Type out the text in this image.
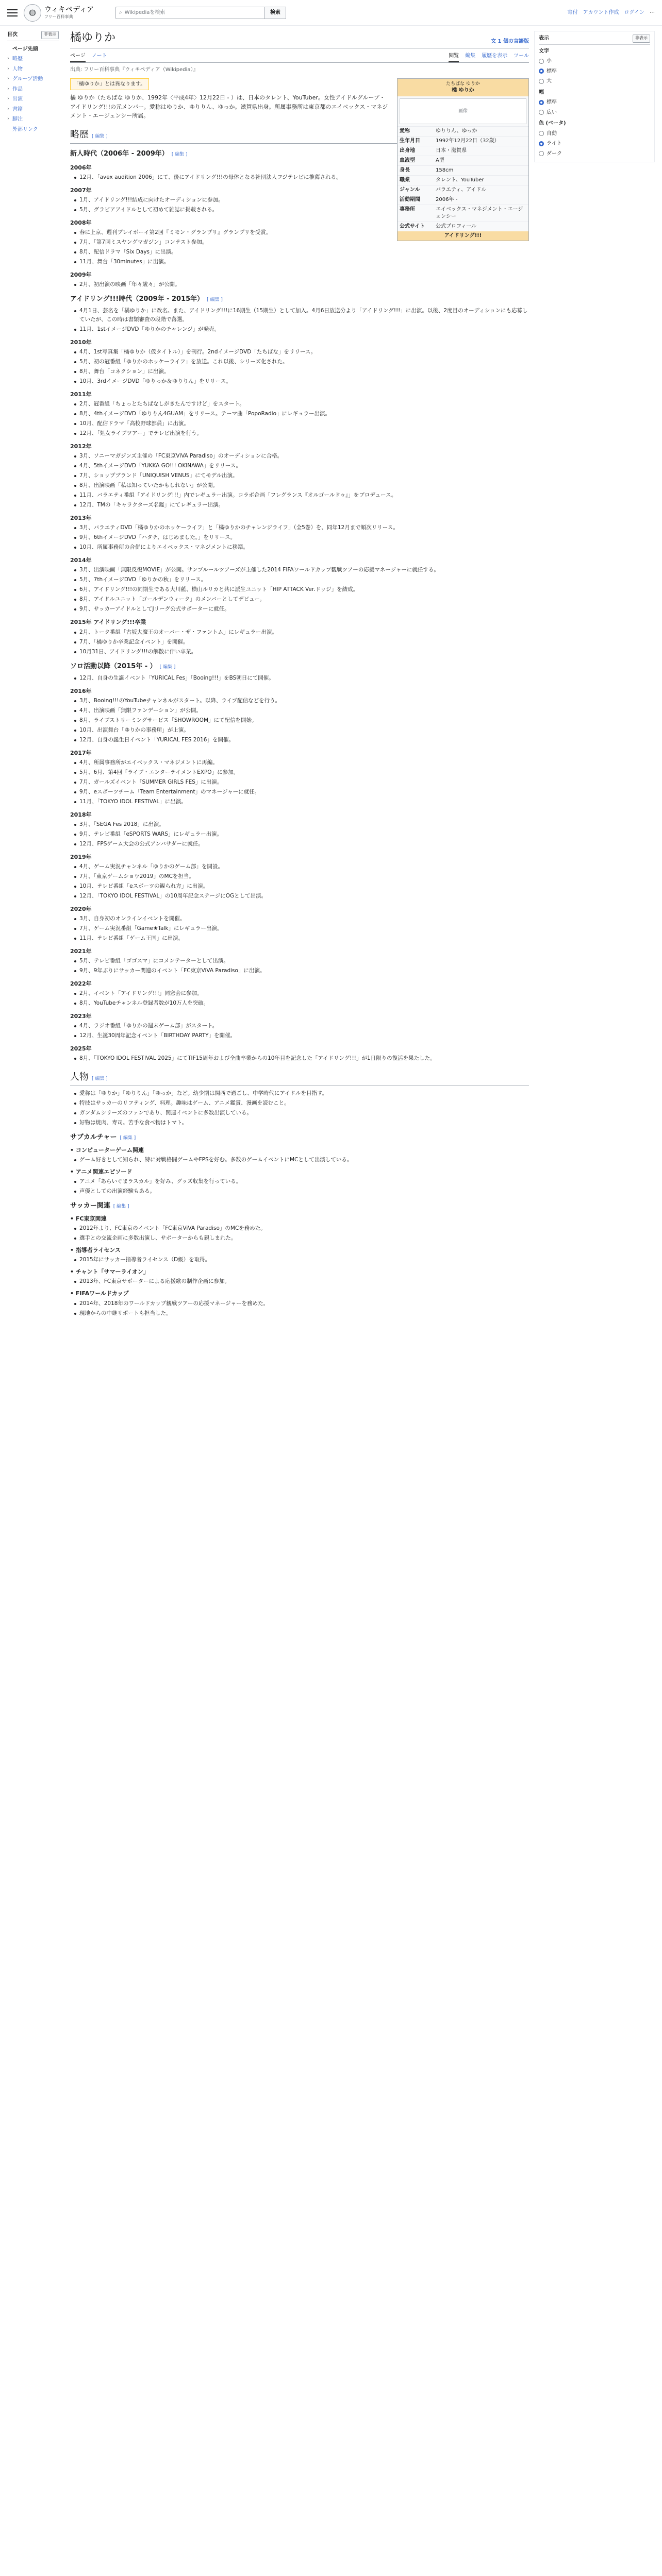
◍	ウィキペディア
フリー百科事典
⌕ Wikipediaを検索	検索	寄付 アカウント作成 ログイン ⋯
目次	非表示
ページ先頭
› 略歴
› 人物
› グループ活動
› 作品
› 出演
› 書籍
› 脚注
外部リンク
橘ゆりか	文 1 個の言語版
ページ ノート	閲覧 編集 履歴を表示 ツール
出典: フリー百科事典『ウィキペディア（Wikipedia）』
「橘ゆりか」とは異なります。	たちばな ゆりか
橘 ゆりか
画像
愛称	ゆりりん、ゆっか
生年月日	1992年12月22日（32歳）
出身地	日本・滋賀県
血液型	A型
身長	158cm
職業	タレント、YouTuber
ジャンル	バラエティ、アイドル
活動期間	2006年 -
事務所	エイベックス・マネジメント・エージェンシー
公式サイト	公式プロフィール
アイドリング!!!

橘 ゆりか（たちばな ゆりか、1992年〈平成4年〉12月22日 - ）は、日本のタレント、YouTuber。女性アイドルグループ・アイドリング!!!の元メンバー。愛称はゆりか、ゆりりん、ゆっか。滋賀県出身。所属事務所は東京都のエイベックス・マネジメント・エージェンシー所属。

略歴 [ 編集 ]
新人時代（2006年 - 2009年） [ 編集 ]
2006年
12月、「avex audition 2006」にて、後にアイドリング!!!の母体となる社団法人フジテレビに推薦される。
2007年
1月、アイドリング!!!結成に向けたオーディションに参加。
5月、グラビアアイドルとして初めて雑誌に掲載される。
2008年
春に上京、週刊プレイボーイ第2回『ミモン・グランプリ』グランプリを受賞。
7月、「第7回ミスヤングマガジン」コンテスト参加。
8月、配信ドラマ「Six Days」に出演。
11月、舞台「30minutes」に出演。
2009年
2月、初出演の映画「年々歳々」が公開。
アイドリング!!!時代（2009年 - 2015年） [ 編集 ]
4月1日、芸名を「橘ゆりか」に改名。また、アイドリング!!!に16期生（15期生）として加入。4月6日放送分より「アイドリング!!!」に出演。以後、2度目のオーディションにも応募していたが、この時は書類審査の段階で落選。
11月、1stイメージDVD「ゆりかのチャレンジ」が発売。
2010年
4月、1st写真集「橘ゆりか（仮タイトル）」を刊行。2ndイメージDVD「たちばな」をリリース。
5月、初の冠番組「ゆりかのホッケーライフ」を放送。これ以後、シリーズ化された。
8月、舞台「コネクション」に出演。
10月、3rdイメージDVD「ゆりっか＆ゆりりん」をリリース。
2011年
2月、冠番組「ちょっとたちばなしがきたんですけど」をスタート。
8月、4thイメージDVD「ゆりりん4GUAM」をリリース。テーマ曲「PopoRadio」にレギュラー出演。
10月、配信ドラマ「高校野球部員」に出演。
12月、「処女ライブツアー」でテレビ出演を行う。
2012年
3月、ソニーマガジンズ主催の「FC東京ViVA Paradiso」のオーディションに合格。
4月、5thイメージDVD「YUKKA GO!!! OKINAWA」をリリース。
7月、ショップブランド「UNIQUISH VENUS」にてモデル出演。
8月、出演映画「私は知っていたかもしれない」が公開。
11月、バラエティ番組「アイドリング!!!」内でレギュラー出演。コラボ企画「フレグランス『オルゴールドゥ』」をプロデュース。
12月、TMの「キャラクターズ名鑑」にてレギュラー出演。
2013年
3月、バラエティDVD「橘ゆりかのホッケーライフ」と「橘ゆりかのチャレンジライフ」（全5巻）を、同年12月まで順次リリース。
9月、6thイメージDVD「ハタチ、はじめました。」をリリース。
10月、所属事務所の合併によりエイベックス・マネジメントに移籍。
2014年
3月、出演映画「無限反復MOVIE」が公開。サンブルールツアーズが主催した2014 FIFAワールドカップ観戦ツアーの応援マネージャーに就任する。
5月、7thイメージDVD「ゆりかの秋」をリリース。
6月、アイドリング!!!の同期生である大川藍、横山ルリカと共に派生ユニット「HIP ATTACK Ver.ドッジ」を結成。
8月、アイドルユニット「ゴールデンウィーク」のメンバーとしてデビュー。
9月、サッカーアイドルとしてJリーグ公式サポーターに就任。
2015年 アイドリング!!!卒業
2月、トーク番組「古坂大魔王のオーバー・ザ・ファントム」にレギュラー出演。
7月、「橘ゆりか卒業記念イベント」を開催。
10月31日、アイドリング!!!の解散に伴い卒業。
ソロ活動以降（2015年 - ） [ 編集 ]
12月、自身の生誕イベント「YURICAL Fes」「Booing!!!」をBS朝日にて開催。
2016年
3月、Booing!!!のYouTubeチャンネルがスタート。以降、ライブ配信などを行う。
4月、出演映画「無限ファンデーション」が公開。
8月、ライブストリーミングサービス「SHOWROOM」にて配信を開始。
10月、出演舞台「ゆりかの事務所」が上演。
12月、自身の誕生日イベント「YURICAL FES 2016」を開催。
2017年
4月、所属事務所がエイベックス・マネジメントに再編。
5月、6月、第4回「ライブ・エンターテイメントEXPO」に参加。
7月、ガールズイベント「SUMMER GIRLS FES」に出演。
9月、eスポーツチーム「Team Entertainment」のマネージャーに就任。
11月、「TOKYO IDOL FESTIVAL」に出演。
2018年
3月、「SEGA Fes 2018」に出演。
9月、テレビ番組「eSPORTS WARS」にレギュラー出演。
12月、FPSゲーム大会の公式アンバサダーに就任。
2019年
4月、ゲーム実況チャンネル「ゆりかのゲーム部」を開設。
7月、「東京ゲームショウ2019」のMCを担当。
10月、テレビ番組「eスポーツの観られ方」に出演。
12月、「TOKYO IDOL FESTIVAL」の10周年記念ステージにOGとして出演。
2020年
3月、自身初のオンラインイベントを開催。
7月、ゲーム実況番組「Game★Talk」にレギュラー出演。
11月、テレビ番組「ゲーム王国」に出演。
2021年
5月、テレビ番組「ゴゴスマ」にコメンテーターとして出演。
9月、9年ぶりにサッカー関連のイベント「FC東京ViVA Paradiso」に出演。
2022年
2月、イベント「アイドリング!!!」同窓会に参加。
8月、YouTubeチャンネル登録者数が10万人を突破。
2023年
4月、ラジオ番組「ゆりかの週末ゲーム部」がスタート。
12月、生誕30周年記念イベント「BIRTHDAY PARTY」を開催。
2025年
8月、「TOKYO IDOL FESTIVAL 2025」にてTIF15周年および全曲卒業からの10年目を記念した「アイドリング!!!」が1日限りの復活を果たした。
人物 [ 編集 ]
愛称は「ゆりか」「ゆりりん」「ゆっか」など。幼少期は関西で過ごし、中学時代にアイドルを目指す。
特技はサッカーのリフティング、料理。趣味はゲーム、アニメ鑑賞、漫画を読むこと。
ガンダムシリーズのファンであり、関連イベントに多数出演している。
好物は焼肉、寿司。苦手な食べ物はトマト。
サブカルチャー [ 編集 ]
• コンピューターゲーム関連
ゲーム好きとして知られ、特に対戦格闘ゲームやFPSを好む。多数のゲームイベントにMCとして出演している。
• アニメ関連エピソード
アニメ「あらいぐまラスカル」を好み、グッズ収集を行っている。
声優としての出演経験もある。
サッカー関連 [ 編集 ]
• FC東京関連
2012年より、FC東京のイベント「FC東京ViVA Paradiso」のMCを務めた。
選手との交流企画に多数出演し、サポーターからも親しまれた。
• 指導者ライセンス
2015年にサッカー指導者ライセンス（D級）を取得。
• チャント「サマーライオン」
2013年、FC東京サポーターによる応援歌の制作企画に参加。
• FIFAワールドカップ
2014年、2018年のワールドカップ観戦ツアーの応援マネージャーを務めた。
現地からの中継リポートも担当した。
表示	非表示
文字
小
標準
大
幅
標準
広い
色 (ベータ)
自動
ライト
ダーク
